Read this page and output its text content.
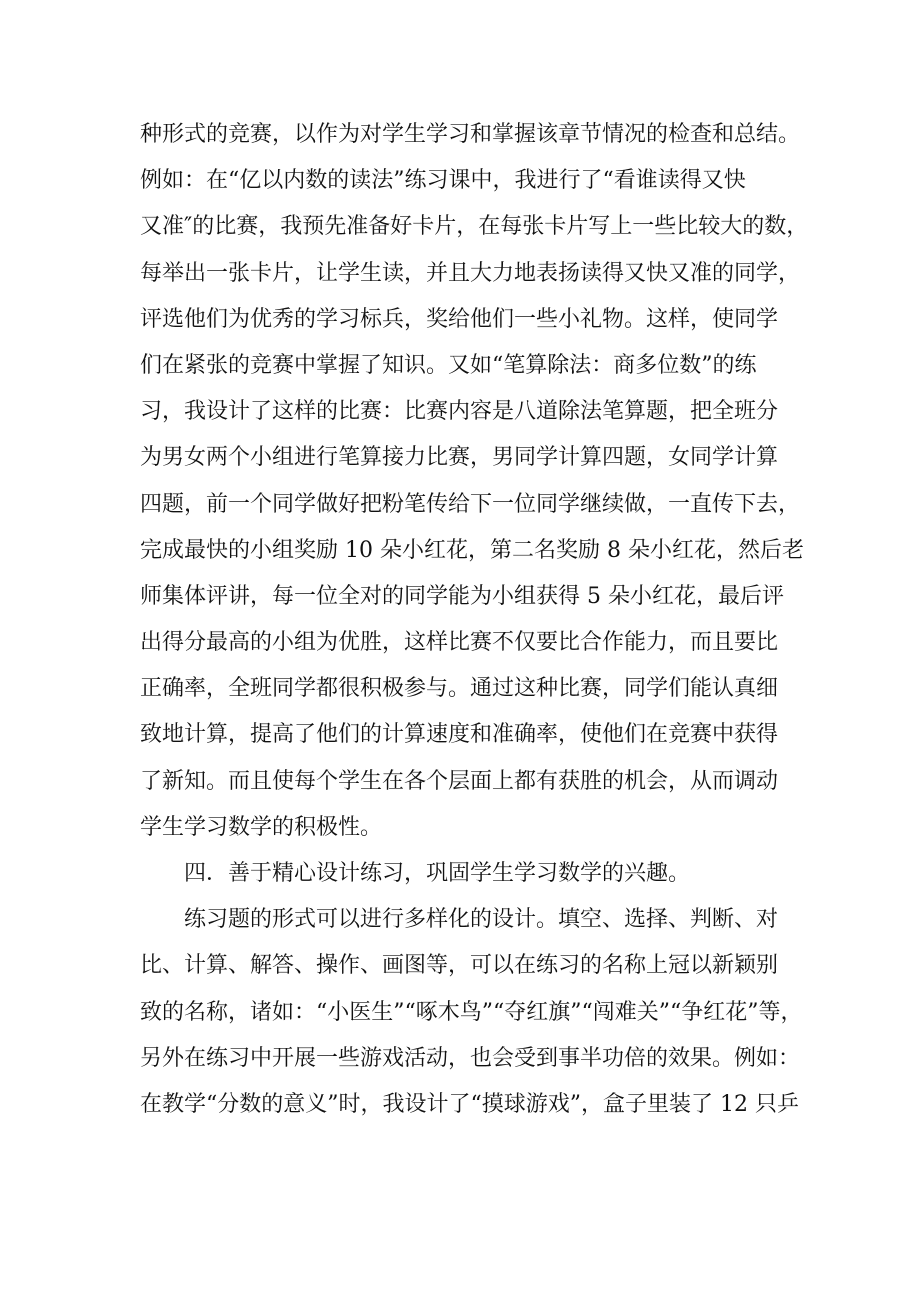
种形式的竞赛，以作为对学生学习和掌握该章节情况的检查和总结。
例如：在“亿以内数的读法”练习课中，我进行了“看谁读得又快
又准″的比赛，我预先准备好卡片，在每张卡片写上一些比较大的数，
每举出一张卡片，让学生读，并且大力地表扬读得又快又准的同学，
评选他们为优秀的学习标兵，奖给他们一些小礼物。这样，使同学
们在紧张的竞赛中掌握了知识。又如“笔算除法：商多位数”的练
习，我设计了这样的比赛：比赛内容是八道除法笔算题，把全班分
为男女两个小组进行笔算接力比赛，男同学计算四题，女同学计算
四题，前一个同学做好把粉笔传给下一位同学继续做，一直传下去，
完成最快的小组奖励 10 朵小红花，第二名奖励 8 朵小红花，然后老
师集体评讲，每一位全对的同学能为小组获得 5 朵小红花，最后评
出得分最高的小组为优胜，这样比赛不仅要比合作能力，而且要比
正确率，全班同学都很积极参与。通过这种比赛，同学们能认真细
致地计算，提高了他们的计算速度和准确率，使他们在竞赛中获得
了新知。而且使每个学生在各个层面上都有获胜的机会，从而调动
学生学习数学的积极性。
四．善于精心设计练习，巩固学生学习数学的兴趣。
练习题的形式可以进行多样化的设计。填空、选择、判断、对
比、计算、解答、操作、画图等，可以在练习的名称上冠以新颖别
致的名称，诸如：“小医生”“啄木鸟”“夺红旗”“闯难关”“争红花”等，
另外在练习中开展一些游戏活动，也会受到事半功倍的效果。例如：
在教学“分数的意义”时，我设计了“摸球游戏”，盒子里装了 12 只乒
